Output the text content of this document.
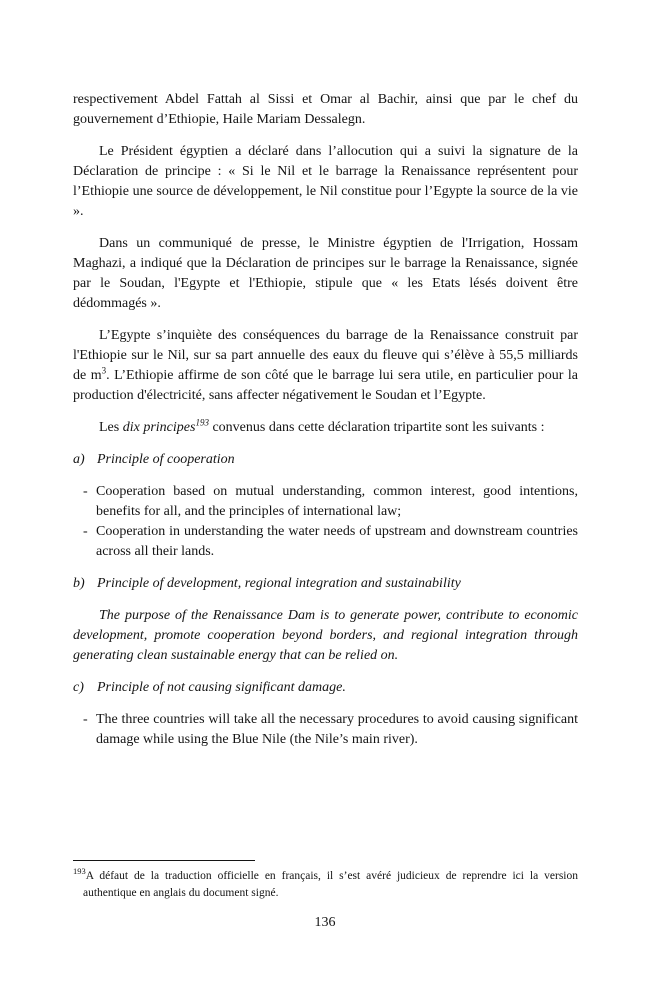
respectivement Abdel Fattah al Sissi et Omar al Bachir, ainsi que par le chef du gouvernement d’Ethiopie, Haile Mariam Dessalegn.

Le Président égyptien a déclaré dans l’allocution qui a suivi la signature de la Déclaration de principe : « Si le Nil et le barrage la Renaissance représentent pour l’Ethiopie une source de développement, le Nil constitue pour l’Egypte la source de la vie ».

Dans un communiqué de presse, le Ministre égyptien de l'Irrigation, Hossam Maghazi, a indiqué que la Déclaration de principes sur le barrage la Renaissance, signée par le Soudan, l'Egypte et l'Ethiopie, stipule que « les Etats lésés doivent être dédommagés ».

L’Egypte s’inquiète des conséquences du barrage de la Renaissance construit par l'Ethiopie sur le Nil, sur sa part annuelle des eaux du fleuve qui s’élève à 55,5 milliards de $m^3$. L’Ethiopie affirme de son côté que le barrage lui sera utile, en particulier pour la production d'électricité, sans affecter négativement le Soudan et l’Egypte.

Les dix principes$^{193}$ convenus dans cette déclaration tripartite sont les suivants :

a) Principle of cooperation
- Cooperation based on mutual understanding, common interest, good intentions, benefits for all, and the principles of international law;
- Cooperation in understanding the water needs of upstream and downstream countries across all their lands.
b) Principle of development, regional integration and sustainability

The purpose of the Renaissance Dam is to generate power, contribute to economic development, promote cooperation beyond borders, and regional integration through generating clean sustainable energy that can be relied on.

c) Principle of not causing significant damage.
- The three countries will take all the necessary procedures to avoid causing significant damage while using the Blue Nile (the Nile’s main river).

$^{193}$A défaut de la traduction officielle en français, il s’est avéré judicieux de reprendre ici la version authentique en anglais du document signé.

136
